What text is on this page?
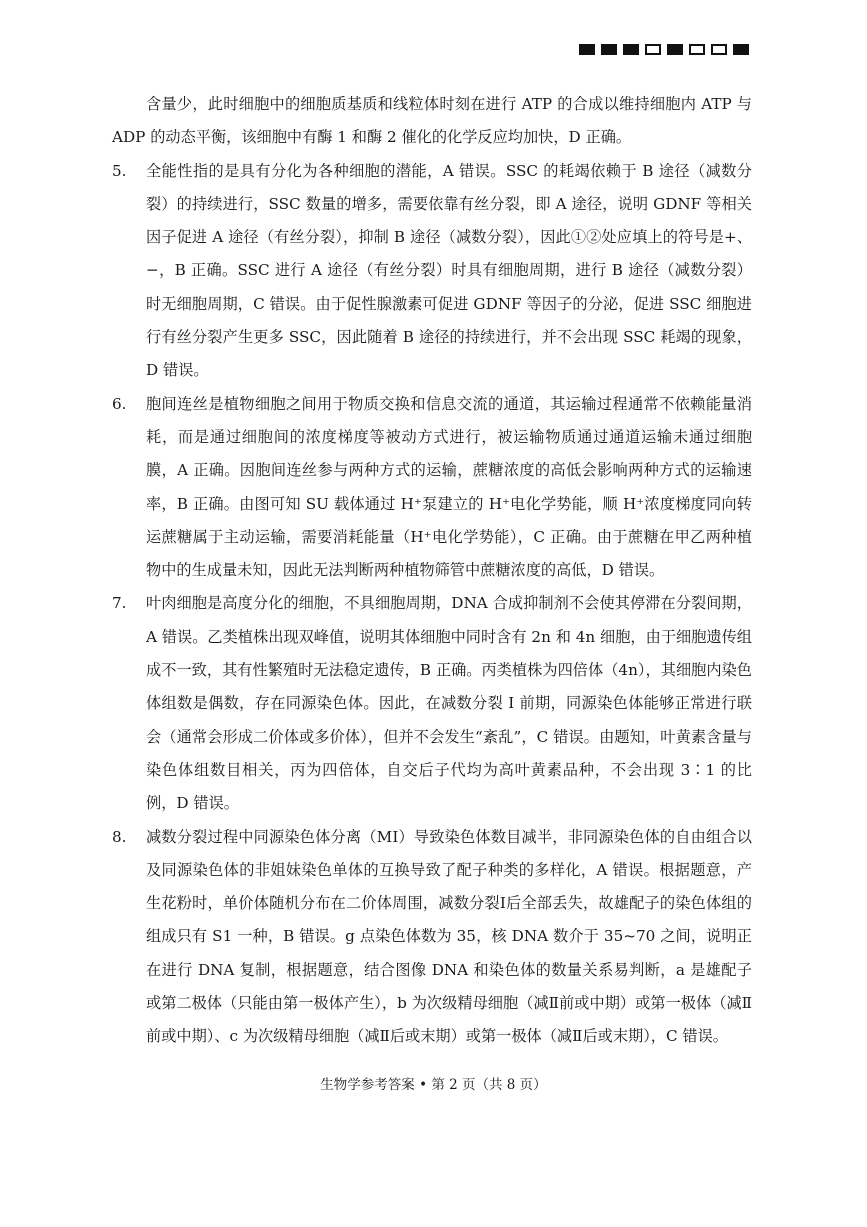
含量少，此时细胞中的细胞质基质和线粒体时刻在进行 ATP 的合成以维持细胞内 ATP 与 ADP 的动态平衡，该细胞中有酶 1 和酶 2 催化的化学反应均加快，D 正确。

5.	全能性指的是具有分化为各种细胞的潜能，A 错误。SSC 的耗竭依赖于 B 途径（减数分裂）的持续进行，SSC 数量的增多，需要依靠有丝分裂，即 A 途径，说明 GDNF 等相关因子促进 A 途径（有丝分裂），抑制 B 途径（减数分裂），因此①②处应填上的符号是+、−，B 正确。SSC 进行 A 途径（有丝分裂）时具有细胞周期，进行 B 途径（减数分裂）时无细胞周期，C 错误。由于促性腺激素可促进 GDNF 等因子的分泌，促进 SSC 细胞进行有丝分裂产生更多 SSC，因此随着 B 途径的持续进行，并不会出现 SSC 耗竭的现象，D 错误。
6.	胞间连丝是植物细胞之间用于物质交换和信息交流的通道，其运输过程通常不依赖能量消耗，而是通过细胞间的浓度梯度等被动方式进行，被运输物质通过通道运输未通过细胞膜，A 正确。因胞间连丝参与两种方式的运输，蔗糖浓度的高低会影响两种方式的运输速率，B 正确。由图可知 SU 载体通过 H⁺泵建立的 H⁺电化学势能，顺 H⁺浓度梯度同向转运蔗糖属于主动运输，需要消耗能量（H⁺电化学势能），C 正确。由于蔗糖在甲乙两种植物中的生成量未知，因此无法判断两种植物筛管中蔗糖浓度的高低，D 错误。
7.	叶肉细胞是高度分化的细胞，不具细胞周期，DNA 合成抑制剂不会使其停滞在分裂间期，A 错误。乙类植株出现双峰值，说明其体细胞中同时含有 2n 和 4n 细胞，由于细胞遗传组成不一致，其有性繁殖时无法稳定遗传，B 正确。丙类植株为四倍体（4n），其细胞内染色体组数是偶数，存在同源染色体。因此，在减数分裂 I 前期，同源染色体能够正常进行联会（通常会形成二价体或多价体），但并不会发生“紊乱”，C 错误。由题知，叶黄素含量与染色体组数目相关，丙为四倍体，自交后子代均为高叶黄素品种，不会出现 3∶1 的比例，D 错误。
8.	减数分裂过程中同源染色体分离（MⅠ）导致染色体数目减半，非同源染色体的自由组合以及同源染色体的非姐妹染色单体的互换导致了配子种类的多样化，A 错误。根据题意，产生花粉时，单价体随机分布在二价体周围，减数分裂Ⅰ后全部丢失，故雄配子的染色体组的组成只有 S1 一种，B 错误。g 点染色体数为 35，核 DNA 数介于 35~70 之间，说明正在进行 DNA 复制，根据题意，结合图像 DNA 和染色体的数量关系易判断，a 是雄配子或第二极体（只能由第一极体产生），b 为次级精母细胞（减Ⅱ前或中期）或第一极体（减Ⅱ前或中期）、c 为次级精母细胞（减Ⅱ后或末期）或第一极体（减Ⅱ后或末期），C 错误。
生物学参考答案 • 第 2 页（共 8 页）
